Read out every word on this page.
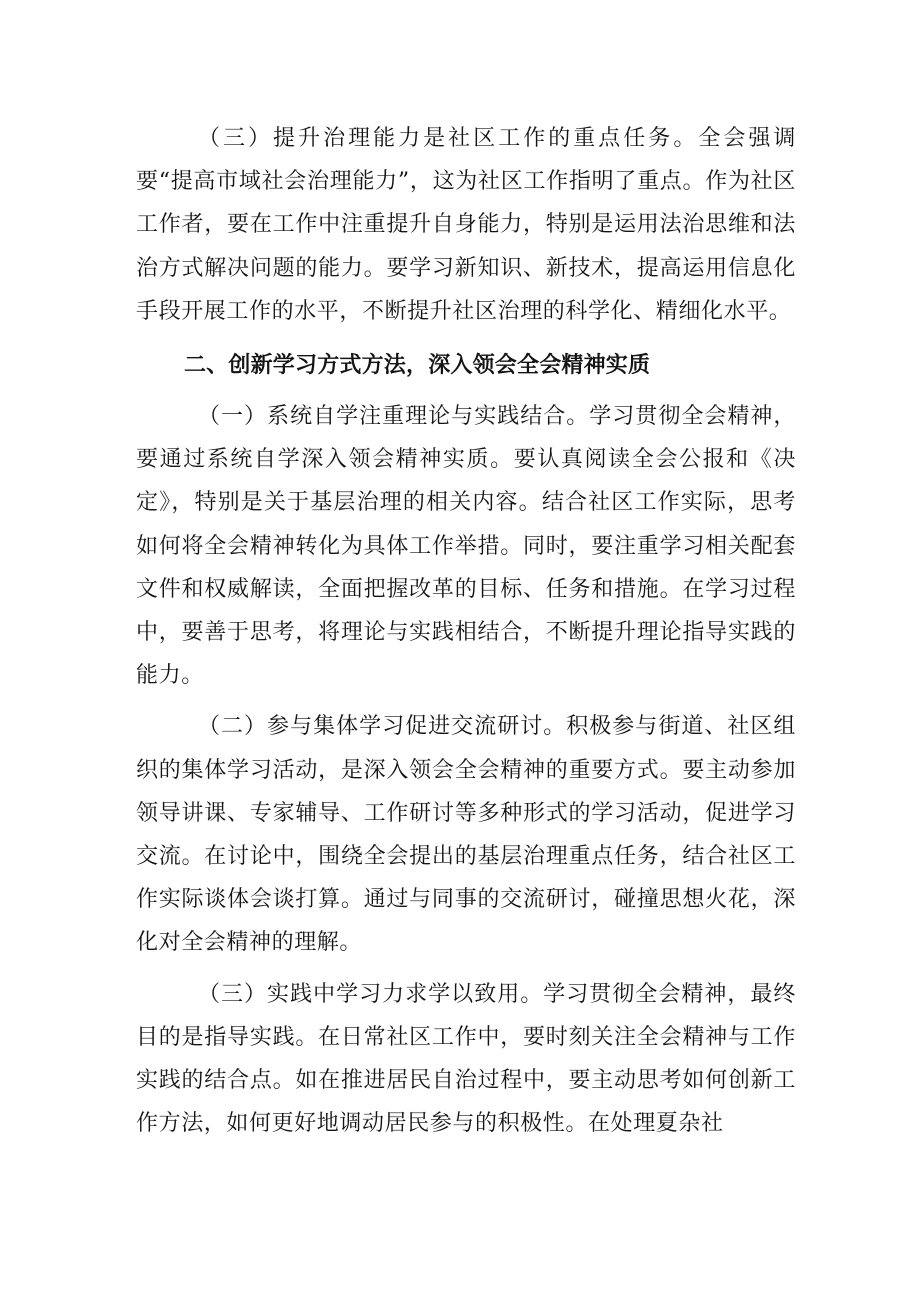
（三）提升治理能力是社区工作的重点任务。全会强调要“提高市域社会治理能力”，这为社区工作指明了重点。作为社区工作者，要在工作中注重提升自身能力，特别是运用法治思维和法治方式解决问题的能力。要学习新知识、新技术，提高运用信息化手段开展工作的水平，不断提升社区治理的科学化、精细化水平。

二、创新学习方式方法，深入领会全会精神实质

（一）系统自学注重理论与实践结合。学习贯彻全会精神，要通过系统自学深入领会精神实质。要认真阅读全会公报和《决定》，特别是关于基层治理的相关内容。结合社区工作实际，思考如何将全会精神转化为具体工作举措。同时，要注重学习相关配套文件和权威解读，全面把握改革的目标、任务和措施。在学习过程中，要善于思考，将理论与实践相结合，不断提升理论指导实践的能力。

（二）参与集体学习促进交流研讨。积极参与街道、社区组织的集体学习活动，是深入领会全会精神的重要方式。要主动参加领导讲课、专家辅导、工作研讨等多种形式的学习活动，促进学习交流。在讨论中，围绕全会提出的基层治理重点任务，结合社区工作实际谈体会谈打算。通过与同事的交流研讨，碰撞思想火花，深化对全会精神的理解。

（三）实践中学习力求学以致用。学习贯彻全会精神，最终目的是指导实践。在日常社区工作中，要时刻关注全会精神与工作实践的结合点。如在推进居民自治过程中，要主动思考如何创新工作方法，如何更好地调动居民参与的积极性。在处理夏杂社
